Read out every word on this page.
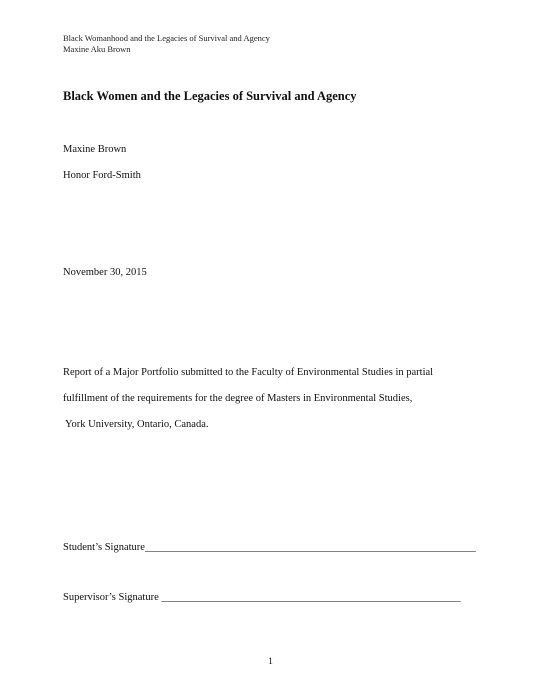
Black Womanhood and the Legacies of Survival and Agency
Maxine Aku Brown
Black Women and the Legacies of Survival and Agency
Maxine Brown
Honor Ford-Smith
November 30, 2015
Report of a Major Portfolio submitted to the Faculty of Environmental Studies in partial
fulfillment of the requirements for the degree of Masters in Environmental Studies,
York University, Ontario, Canada.
Student’s Signature_______________________________________________________________
Supervisor’s Signature _________________________________________________________
1
